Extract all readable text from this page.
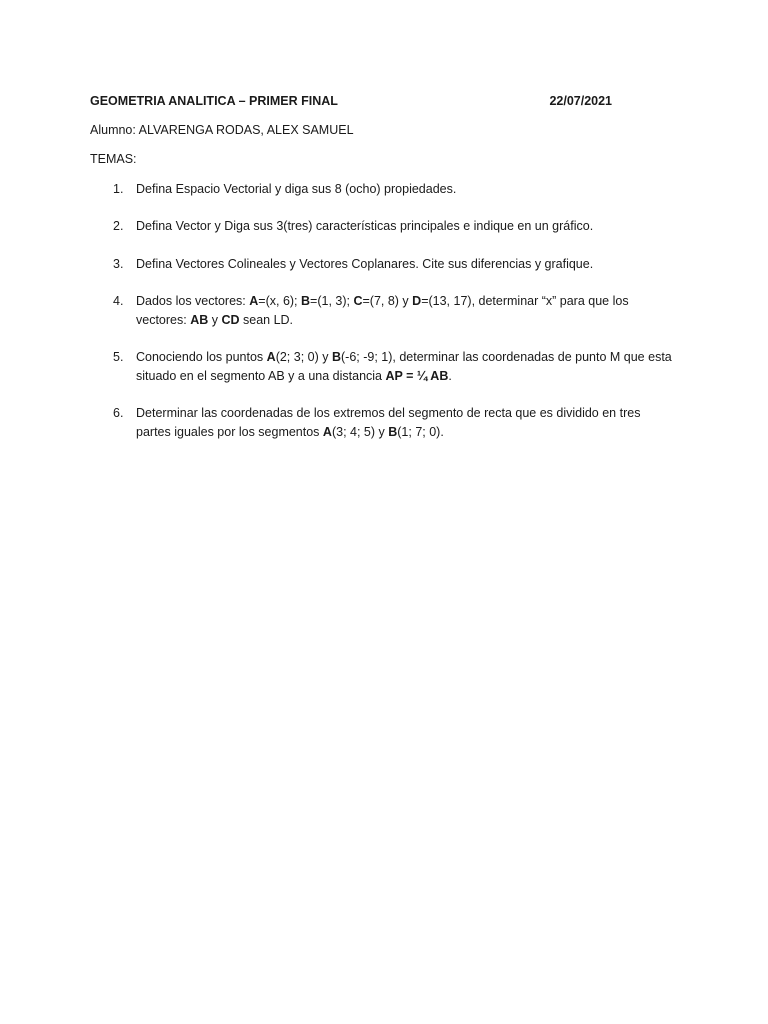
GEOMETRIA ANALITICA – PRIMER FINAL	22/07/2021
Alumno: ALVARENGA RODAS, ALEX SAMUEL
TEMAS:
1.	Defina Espacio Vectorial y diga sus 8 (ocho) propiedades.
2.	Defina Vector y Diga sus 3(tres) características principales e indique en un gráfico.
3.	Defina Vectores Colineales y Vectores Coplanares. Cite sus diferencias y grafique.
4.	Dados los vectores: A=(x, 6); B=(1, 3); C=(7, 8) y D=(13, 17), determinar “x” para que los vectores: AB y CD sean LD.
5.	Conociendo los puntos A(2; 3; 0) y B(-6; -9; 1), determinar las coordenadas de punto M que esta situado en el segmento AB y a una distancia AP = ¼ AB.
6.	Determinar las coordenadas de los extremos del segmento de recta que es dividido en tres partes iguales por los segmentos A(3; 4; 5) y B(1; 7; 0).
